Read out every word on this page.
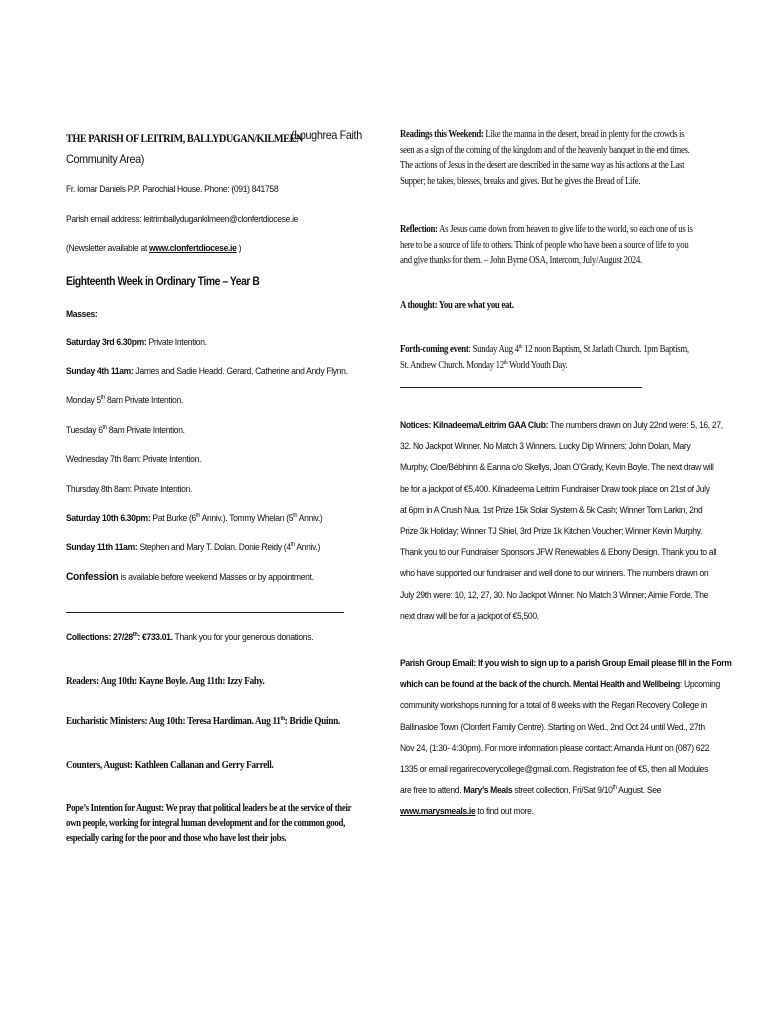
THE PARISH OF LEITRIM, BALLYDUGAN/KILMEEN
(Loughrea Faith
Community Area)
Fr. Iomar Daniels P.P. Parochial House. Phone: (091) 841758
Parish email address: leitrimballydugankilmeen@clonfertdiocese.ie
(Newsletter available at www.clonfertdiocese.ie )
Eighteenth Week in Ordinary Time – Year B
Masses:
Saturday 3rd 6.30pm: Private Intention.
Sunday 4th 11am: James and Sadie Headd. Gerard, Catherine and Andy Flynn.
Monday 5th 8am Private Intention.
Tuesday 6th 8am Private Intention.
Wednesday 7th 8am: Private Intention.
Thursday 8th 8am: Private Intention.
Saturday 10th 6.30pm: Pat Burke (6th Anniv.). Tommy Whelan (5th Anniv.)
Sunday 11th 11am: Stephen and Mary T. Dolan. Donie Reidy (4th Anniv.)
Confession is available before weekend Masses or by appointment.
Collections: 27/28th: €733.01. Thank you for your generous donations.
Readers: Aug 10th: Kayne Boyle. Aug 11th: Izzy Fahy.
Eucharistic Ministers: Aug 10th: Teresa Hardiman. Aug 11th: Bridie Quinn.
Counters, August: Kathleen Callanan and Gerry Farrell.
Pope’s Intention for August: We pray that political leaders be at the service of their
own people, working for integral human development and for the common good,
especially caring for the poor and those who have lost their jobs.
Readings this Weekend: Like the manna in the desert, bread in plenty for the crowds is
seen as a sign of the coming of the kingdom and of the heavenly banquet in the end times.
The actions of Jesus in the desert are described in the same way as his actions at the Last
Supper; he takes, blesses, breaks and gives. But he gives the Bread of Life.
Reflection: As Jesus came down from heaven to give life to the world, so each one of us is
here to be a source of life to others. Think of people who have been a source of life to you
and give thanks for them. – John Byrne OSA, Intercom, July/August 2024.
A thought: You are what you eat.
Forth-coming event: Sunday Aug 4th 12 noon Baptism, St Jarlath Church. 1pm Baptism,
St. Andrew Church. Monday 12th World Youth Day.
Notices: Kilnadeema/Leitrim GAA Club: The numbers drawn on July 22nd were: 5, 16, 27,
32. No Jackpot Winner. No Match 3 Winners. Lucky Dip Winners; John Dolan, Mary
Murphy, Cloe/Bébhinn & Eanna c/o Skellys, Joan O’Grady, Kevin Boyle. The next draw will
be for a jackpot of €5,400. Kilnadeema Leitrim Fundraiser Draw took place on 21st of July
at 6pm in A Crush Nua. 1st Prize 15k Solar System & 5k Cash; Winner Tom Larkin, 2nd
Prize 3k Holiday; Winner TJ Shiel, 3rd Prize 1k Kitchen Voucher; Winner Kevin Murphy.
Thank you to our Fundraiser Sponsors JFW Renewables & Ebony Design. Thank you to all
who have supported our fundraiser and well done to our winners. The numbers drawn on
July 29th were: 10, 12, 27, 30. No Jackpot Winner. No Match 3 Winner; Aimie Forde. The
next draw will be for a jackpot of €5,500.
Parish Group Email: If you wish to sign up to a parish Group Email please fill in the Form
which can be found at the back of the church. Mental Health and Wellbeing: Upcoming
community workshops running for a total of 8 weeks with the Regari Recovery College in
Ballinasloe Town (Clonfert Family Centre). Starting on Wed., 2nd Oct 24 until Wed., 27th
Nov 24, (1:30- 4:30pm). For more information please contact: Amanda Hunt on (087) 622
1335 or email regarirecoverycollege@gmail.com. Registration fee of €5, then all Modules
are free to attend. Mary’s Meals street collection, Fri/Sat 9/10th August. See
www.marysmeals.ie to find out more.
